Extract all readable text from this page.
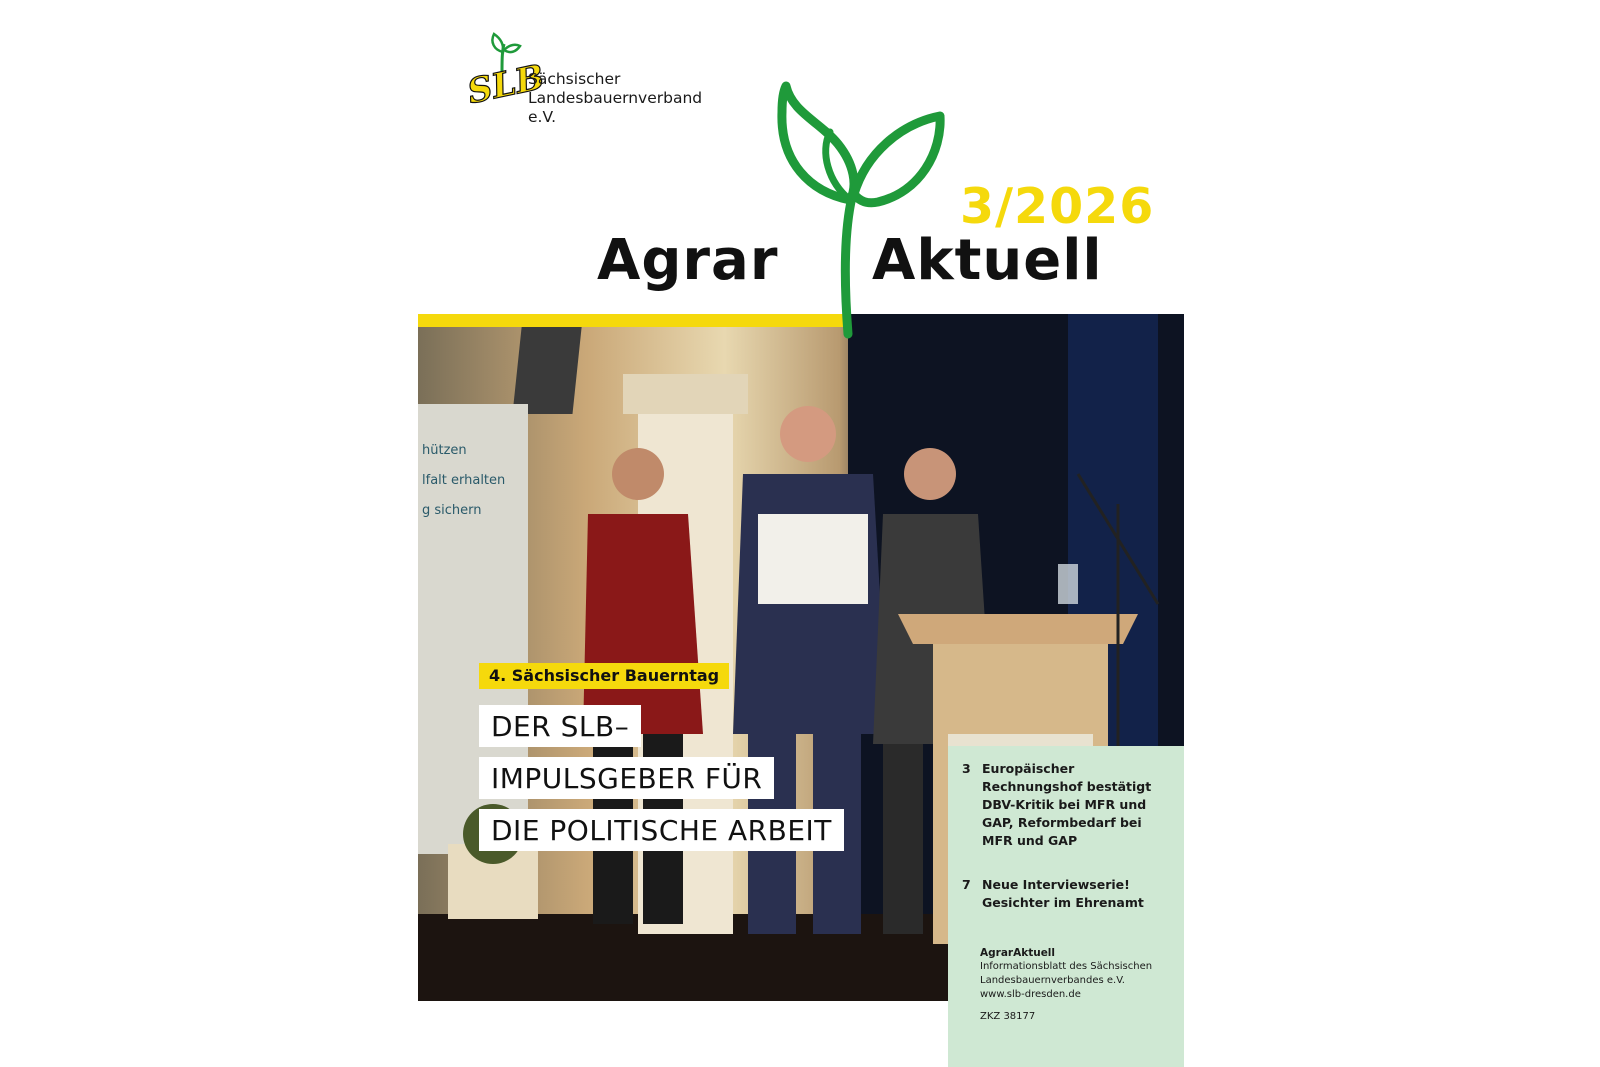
SLB
Sächsischer
Landesbauernverband e.V.
3/2026
Agrar Aktuell
hützen
lfalt erhalten
g sichern
4. Sächsischer Bauerntag
DER SLB–
IMPULSGEBER FÜR
DIE POLITISCHE ARBEIT
3 Europäischer Rechnungshof bestätigt DBV-Kritik bei MFR und GAP, Reformbedarf bei MFR und GAP
7 Neue Interviewserie! Gesichter im Ehrenamt
AgrarAktuell
Informationsblatt des Sächsischen
Landesbauernverbandes e.V.
www.slb-dresden.de
ZKZ 38177
